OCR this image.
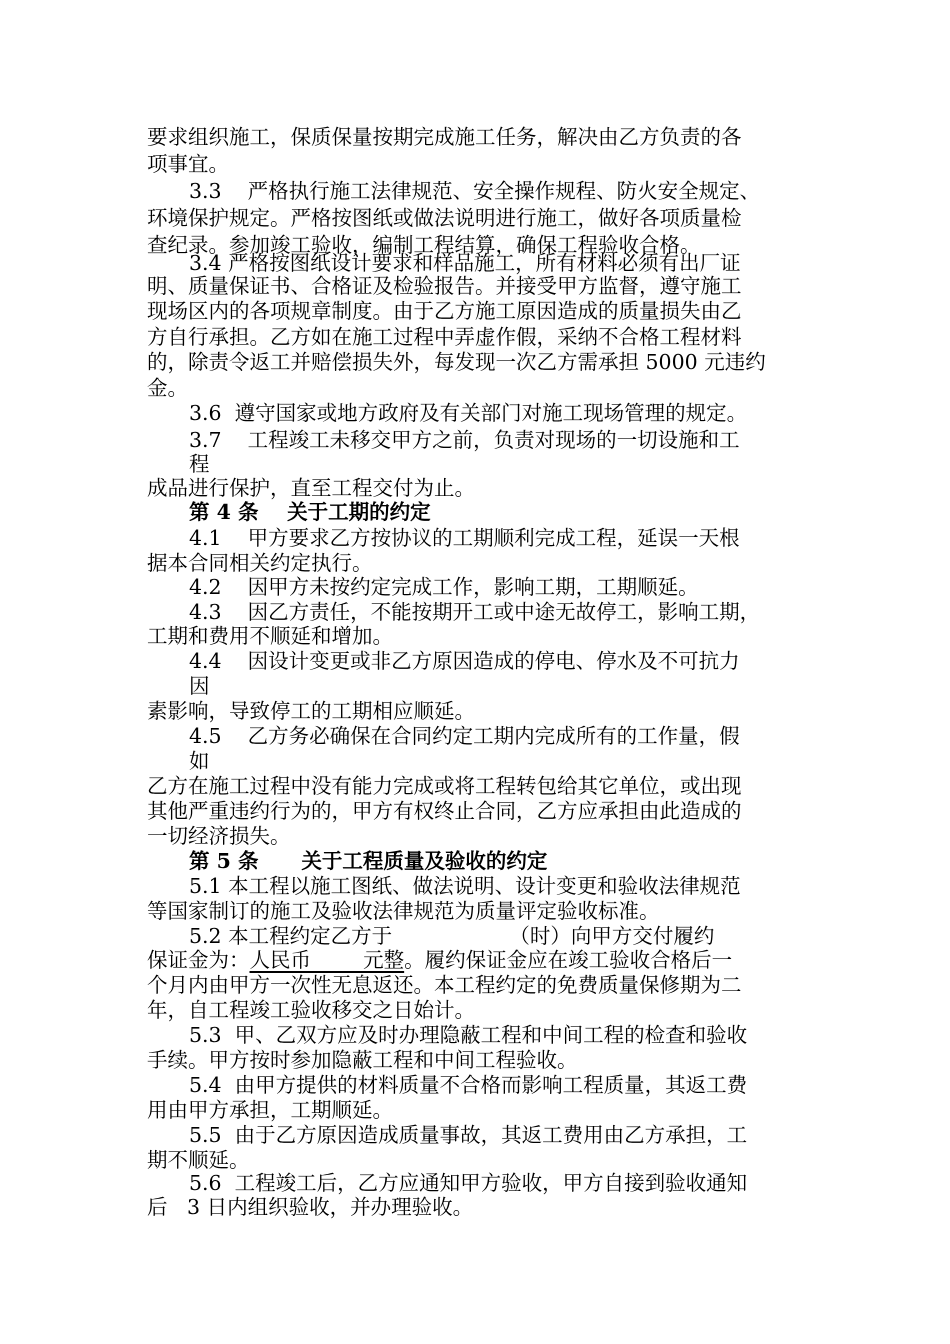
要求组织施工，保质保量按期完成施工任务，解决由乙方负责的各
项事宜。
3.3    严格执行施工法律规范、安全操作规程、防火安全规定、
环境保护规定。严格按图纸或做法说明进行施工，做好各项质量检
查纪录。参加竣工验收，编制工程结算，确保工程验收合格。
3.4 严格按图纸设计要求和样品施工，所有材料必须有出厂证
明、质量保证书、合格证及检验报告。并接受甲方监督，遵守施工
现场区内的各项规章制度。由于乙方施工原因造成的质量损失由乙
方自行承担。乙方如在施工过程中弄虚作假，采纳不合格工程材料
的，除责令返工并赔偿损失外，每发现一次乙方需承担 5000 元违约
金。
3.6  遵守国家或地方政府及有关部门对施工现场管理的规定。
3.7    工程竣工未移交甲方之前，负责对现场的一切设施和工
程
成品进行保护，直至工程交付为止。
第 4 条    关于工期的约定
4.1    甲方要求乙方按协议的工期顺利完成工程，延误一天根
据本合同相关约定执行。
4.2    因甲方未按约定完成工作，影响工期，工期顺延。
4.3    因乙方责任，不能按期开工或中途无故停工，影响工期，
工期和费用不顺延和增加。
4.4    因设计变更或非乙方原因造成的停电、停水及不可抗力
因
素影响，导致停工的工期相应顺延。
4.5    乙方务必确保在合同约定工期内完成所有的工作量，假
如
乙方在施工过程中没有能力完成或将工程转包给其它单位，或出现
其他严重违约行为的，甲方有权终止合同，乙方应承担由此造成的
一切经济损失。
第 5 条      关于工程质量及验收的约定
5.1 本工程以施工图纸、做法说明、设计变更和验收法律规范
等国家制订的施工及验收法律规范为质量评定验收标准。
5.2 本工程约定乙方于                  （时）向甲方交付履约
保证金为：人民币        元整。履约保证金应在竣工验收合格后一
个月内由甲方一次性无息返还。本工程约定的免费质量保修期为二
年，自工程竣工验收移交之日始计。
5.3  甲、乙双方应及时办理隐蔽工程和中间工程的检查和验收
手续。甲方按时参加隐蔽工程和中间工程验收。
5.4  由甲方提供的材料质量不合格而影响工程质量，其返工费
用由甲方承担，工期顺延。
5.5  由于乙方原因造成质量事故，其返工费用由乙方承担，工
期不顺延。
5.6  工程竣工后，乙方应通知甲方验收，甲方自接到验收通知
后   3 日内组织验收，并办理验收。
